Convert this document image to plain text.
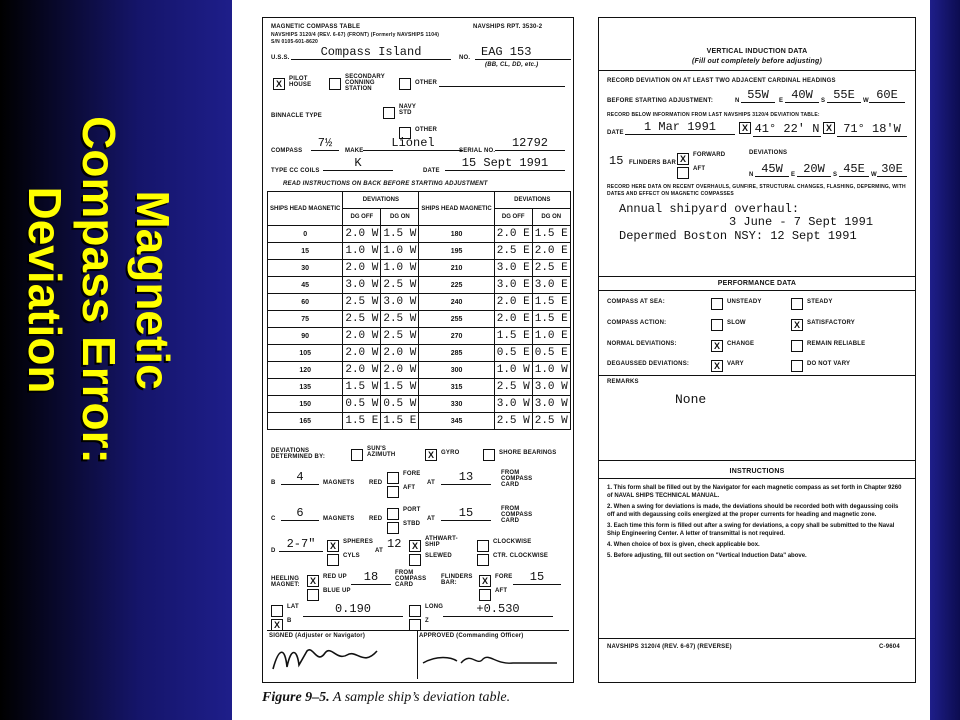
Magnetic
Compass Error:
Deviation
MAGNETIC COMPASS TABLE	NAVSHIPS RPT. 3530-2
NAVSHIPS 3120/4 (REV. 6-67) (FRONT) (Formerly NAVSHIPS 1104)
S/N 0105-601-8620
U.S.S.	Compass Island	NO. EAG 153
(BB, CL, DD, etc.)
X	PILOT HOUSE
SECONDARY CONNING STATION
OTHER
BINNACLE TYPE
NAVY STD
OTHER
COMPASS
7½
MAKE
Lionel
SERIAL NO.
12792
TYPE CC COILS
K
DATE
15 Sept 1991
READ INSTRUCTIONS ON BACK BEFORE STARTING ADJUSTMENT
SHIPS HEAD MAGNETIC	DEVIATIONS		SHIPS HEAD MAGNETIC	DEVIATIONS	
	DG OFF	DG ON		DG OFF	DG ON
0	2.0 W	1.5 W	180	2.0 E	1.5 E
15	1.0 W	1.0 W	195	2.5 E	2.0 E
30	2.0 W	1.0 W	210	3.0 E	2.5 E
45	3.0 W	2.5 W	225	3.0 E	3.0 E
60	2.5 W	3.0 W	240	2.0 E	1.5 E
75	2.5 W	2.5 W	255	2.0 E	1.5 E
90	2.0 W	2.5 W	270	1.5 E	1.0 E
105	2.0 W	2.0 W	285	0.5 E	0.5 E
120	2.0 W	2.0 W	300	1.0 W	1.0 W
135	1.5 W	1.5 W	315	2.5 W	3.0 W
150	0.5 W	0.5 W	330	3.0 W	3.0 W
165	1.5 E	1.5 E	345	2.5 W	2.5 W
DEVIATIONS DETERMINED BY:
SUN'S AZIMUTH	X	GYRO	SHORE BEARINGS
B	4	MAGNETS RED
FORE
AFT
AT	13	FROM COMPASS CARD
C	6	MAGNETS RED
PORT
STBD
AT	15	FROM COMPASS CARD
D 2-7"	X	SPHERES
CYLS
AT 12	X
ATHWART-SHIP
SLEWED
CLOCKWISE
CTR. CLOCKWISE
HEELING MAGNET:	X	RED UP
BLUE UP
18	FROM COMPASS CARD
FLINDERS BAR:	X	FORE
AFT
15
LAT
X	B
0.190	LONG
Z
+0.530
SIGNED (Adjuster or Navigator)	APPROVED (Commanding Officer)
VERTICAL INDUCTION DATA
(Fill out completely before adjusting)
RECORD DEVIATION ON AT LEAST TWO ADJACENT CARDINAL HEADINGS
BEFORE STARTING ADJUSTMENT:	N 55W	E 40W	S 55E	W 60E
RECORD BELOW INFORMATION FROM LAST NAVSHIPS 3120/4 DEVIATION TABLE:
DATE	1 Mar 1991	X 41° 22' N X 71° 18'W
15 FLINDERS BAR X	FORWARD
AFT
DEVIATIONS
N 45W	E 20W	S 45E	W 30E
RECORD HERE DATA ON RECENT OVERHAULS, GUNFIRE, STRUCTURAL CHANGES, FLASHING, DEPERMING, WITH DATES AND EFFECT ON MAGNETIC COMPASSES
Annual shipyard overhaul:
3 June - 7 Sept 1991
Depermed Boston NSY: 12 Sept 1991
PERFORMANCE DATA
COMPASS AT SEA:	UNSTEADY	STEADY
COMPASS ACTION:	SLOW	X	SATISFACTORY
NORMAL DEVIATIONS:	X	CHANGE	REMAIN RELIABLE
DEGAUSSED DEVIATIONS:	X	VARY	DO NOT VARY
REMARKS
None
INSTRUCTIONS
1. This form shall be filled out by the Navigator for each magnetic compass as set forth in Chapter 9260 of NAVAL SHIPS TECHNICAL MANUAL.
2. When a swing for deviations is made, the deviations should be recorded both with degaussing coils off and with degaussing coils energized at the proper currents for heading and magnetic zone.
3. Each time this form is filled out after a swing for deviations, a copy shall be submitted to the Naval Ship Engineering Center. A letter of transmittal is not required.
4. When choice of box is given, check applicable box.
5. Before adjusting, fill out section on "Vertical Induction Data" above.
NAVSHIPS 3120/4 (REV. 6-67) (REVERSE)	C-9604
Figure 9–5. A sample ship’s deviation table.
